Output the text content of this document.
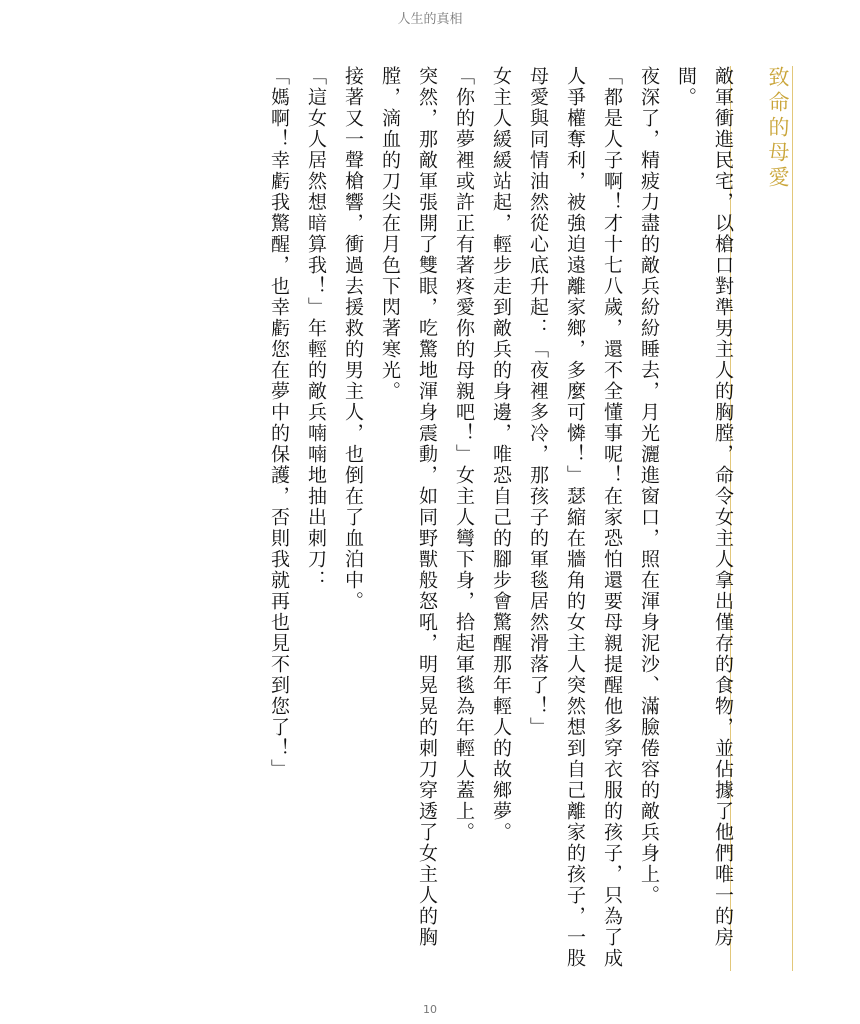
人生的真相
致命的母愛

敵軍衝進民宅，以槍口對準男主人的胸膛，命令女主人拿出僅存的食物，並佔據了他們唯一的房間。

夜深了，精疲力盡的敵兵紛紛睡去，月光灑進窗口，照在渾身泥沙、滿臉倦容的敵兵身上。

「都是人子啊！才十七八歲，還不全懂事呢！在家恐怕還要母親提醒他多穿衣服的孩子，只為了成人爭權奪利，被強迫遠離家鄉，多麼可憐！」瑟縮在牆角的女主人突然想到自己離家的孩子，一股母愛與同情油然從心底升起：「夜裡多冷，那孩子的軍毯居然滑落了！」

女主人緩緩站起，輕步走到敵兵的身邊，唯恐自己的腳步會驚醒那年輕人的故鄉夢。

「你的夢裡或許正有著疼愛你的母親吧！」女主人彎下身，拾起軍毯為年輕人蓋上。

突然，那敵軍張開了雙眼，吃驚地渾身震動，如同野獸般怒吼，明晃晃的刺刀穿透了女主人的胸膛，滴血的刀尖在月色下閃著寒光。

接著又一聲槍響，衝過去援救的男主人，也倒在了血泊中。

「這女人居然想暗算我！」年輕的敵兵喃喃地抽出刺刀：

「媽啊！幸虧我驚醒，也幸虧您在夢中的保護，否則我就再也見不到您了！」

10
